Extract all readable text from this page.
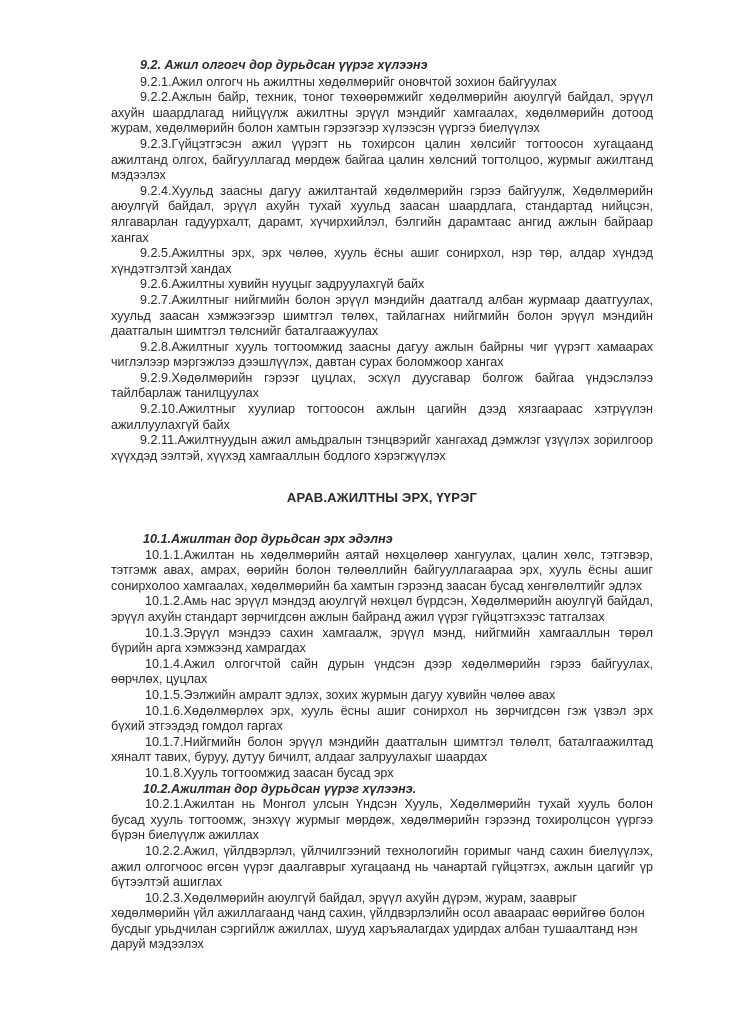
9.2. Ажил олгогч дор дурьдсан үүрэг хүлээнэ

9.2.1.Ажил олгогч нь ажилтны хөдөлмөрийг оновчтой зохион байгуулах

9.2.2.Ажлын байр, техник, тоног төхөөрөмжийг хөдөлмөрийн аюулгүй байдал, эрүүл ахуйн шаардлагад нийцүүлж ажилтны эрүүл мэндийг хамгаалах, хөдөлмөрийн дотоод журам, хөдөлмөрийн болон хамтын гэрээгээр хүлээсэн үүргээ биелүүлэх

9.2.3.Гүйцэтгэсэн ажил үүрэгт нь тохирсон цалин хөлсийг тогтоосон хугацаанд ажилтанд олгох, байгууллагад мөрдөж байгаа цалин хөлсний тогтолцоо, журмыг ажилтанд мэдээлэх

9.2.4.Хуульд заасны дагуу ажилтантай хөдөлмөрийн гэрээ байгуулж, Хөдөлмөрийн аюулгүй байдал, эрүүл ахуйн тухай хуульд заасан шаардлага, стандартад нийцсэн, ялгаварлан гадуурхалт, дарамт, хүчирхийлэл, бэлгийн дарамтаас ангид ажлын байраар хангах

9.2.5.Ажилтны эрх, эрх чөлөө, хууль ёсны ашиг сонирхол, нэр төр, алдар хүндэд хүндэтгэлтэй хандах

9.2.6.Ажилтны хувийн нууцыг задруулахгүй байх

9.2.7.Ажилтныг нийгмийн болон эрүүл мэндийн даатгалд албан журмаар даатгуулах, хуульд заасан хэмжээгээр шимтгэл төлөх, тайлагнах нийгмийн болон эрүүл мэндийн даатгалын шимтгэл төлснийг баталгаажуулах

9.2.8.Ажилтныг хууль тогтоомжид заасны дагуу ажлын байрны чиг үүрэгт хамаарах чиглэлээр мэргэжлээ дээшлүүлэх, давтан сурах боломжоор хангах

9.2.9.Хөдөлмөрийн гэрээг цуцлах, эсхүл дуусгавар болгож байгаа үндэслэлээ тайлбарлаж танилцуулах

9.2.10.Ажилтныг хуулиар тогтоосон ажлын цагийн дээд хязгаараас хэтрүүлэн ажиллуулахгүй байх

9.2.11.Ажилтнуудын ажил амьдралын тэнцвэрийг хангахад дэмжлэг үзүүлэх зорилгоор хүүхдэд ээлтэй, хүүхэд хамгааллын бодлого хэрэгжүүлэх

АРАВ.АЖИЛТНЫ ЭРХ, ҮҮРЭГ

10.1.Ажилтан дор дурьдсан эрх эдэлнэ

10.1.1.Ажилтан нь хөдөлмөрийн аятай нөхцөлөөр хангуулах, цалин хөлс, тэтгэвэр, тэтгэмж авах, амрах, өөрийн болон төлөөллийн байгууллагаараа эрх, хууль ёсны ашиг сонирхолоо хамгаалах, хөдөлмөрийн ба хамтын гэрээнд заасан бусад хөнгөлөлтийг эдлэх

10.1.2.Амь нас эрүүл мэндэд аюулгүй нөхцөл бүрдсэн, Хөдөлмөрийн аюулгүй байдал, эрүүл ахуйн стандарт зөрчигдсөн ажлын байранд ажил үүрэг гүйцэтгэхээс татгалзах

10.1.3.Эрүүл мэндээ сахин хамгаалж, эрүүл мэнд, нийгмийн хамгааллын төрөл бүрийн арга хэмжээнд хамрагдах

10.1.4.Ажил олгогчтой сайн дурын үндсэн дээр хөдөлмөрийн гэрээ байгуулах, өөрчлөх, цуцлах

10.1.5.Ээлжийн амралт эдлэх, зохих журмын дагуу хувийн чөлөө авах

10.1.6.Хөдөлмөрлөх эрх, хууль ёсны ашиг сонирхол нь зөрчигдсөн гэж үзвэл эрх бүхий этгээдэд гомдол гаргах

10.1.7.Нийгмийн болон эрүүл мэндийн даатгалын шимтгэл төлөлт, баталгаажилтад хяналт тавих, буруу, дутуу бичилт, алдааг залруулахыг шаардах

10.1.8.Хууль тогтоомжид заасан бусад эрх

10.2.Ажилтан дор дурьдсан үүрэг хүлээнэ.

10.2.1.Ажилтан нь Монгол улсын Үндсэн Хууль, Хөдөлмөрийн тухай хууль болон бусад хууль тогтоомж, энэхүү журмыг мөрдөж, хөдөлмөрийн гэрээнд тохиролцсон үүргээ бүрэн биелүүлж ажиллах

10.2.2.Ажил, үйлдвэрлэл, үйлчилгээний технологийн горимыг чанд сахин биелүүлэх, ажил олгогчоос өгсөн үүрэг даалгаврыг хугацаанд нь чанартай гүйцэтгэх, ажлын цагийг үр бүтээлтэй ашиглах

10.2.3.Хөдөлмөрийн аюулгүй байдал, эрүүл ахуйн дүрэм, журам, зааврыг хөдөлмөрийн үйл ажиллагаанд чанд сахин, үйлдвэрлэлийн осол аваараас өөрийгөө болон бусдыг урьдчилан сэргийлж ажиллах, шууд харъяалагдах удирдах албан тушаалтанд нэн даруй мэдээлэх
